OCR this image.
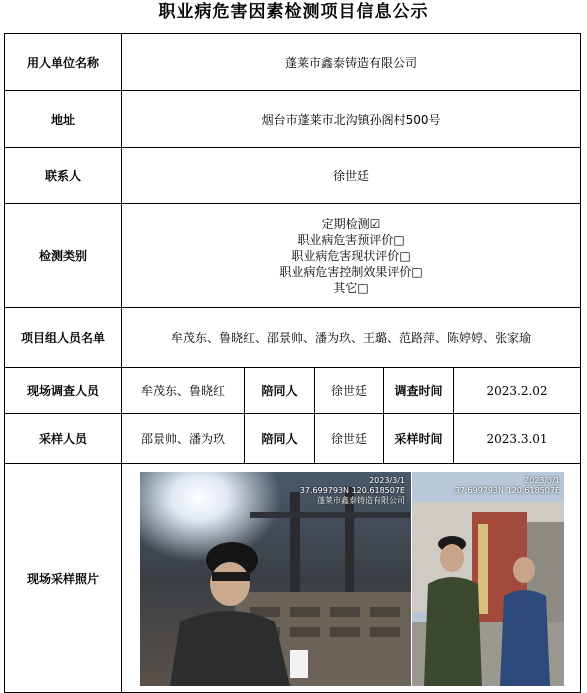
职业病危害因素检测项目信息公示
用人单位名称	蓬莱市鑫泰铸造有限公司				
地址	烟台市蓬莱市北沟镇孙阁村500号				
联系人	徐世廷				
检测类别	定期检测☑
职业病危害预评价□
职业病危害现状评价□
职业病危害控制效果评价□
其它□				

项目组人员名单	牟茂东、鲁晓红、邵景帅、潘为玖、王璐、范路萍、陈婷婷、张家瑜				
现场调查人员	牟茂东、鲁晓红	陪同人	徐世廷	调查时间	2023.2.02
采样人员	邵景帅、潘为玖	陪同人	徐世廷	采样时间	2023.3.01
现场采样照片	2023/3/1
37.699793N 120.618507E
蓬莱市鑫泰铸造有限公司
2023/3/1
37.699793N 120.618507E				
